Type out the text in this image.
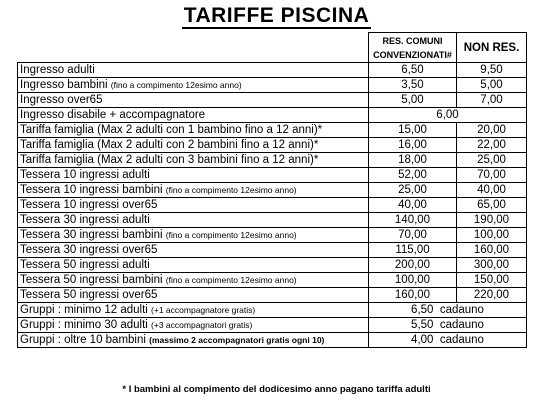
TARIFFE PISCINA

	RES. COMUNI
CONVENZIONATI#	NON RES.
Ingresso adulti	6,50	9,50
Ingresso bambini (fino a compimento 12esimo anno)	3,50	5,00
Ingresso over65	5,00	7,00
Ingresso disabile + accompagnatore	6,00	
Tariffa famiglia (Max 2 adulti con 1 bambino fino a 12 anni)*	15,00	20,00
Tariffa famiglia (Max 2 adulti con 2 bambini fino a 12 anni)*	16,00	22,00
Tariffa famiglia (Max 2 adulti con 3 bambini fino a 12 anni)*	18,00	25,00
Tessera 10 ingressi adulti	52,00	70,00
Tessera 10 ingressi bambini (fino a compimento 12esimo anno)	25,00	40,00
Tessera 10 ingressi over65	40,00	65,00
Tessera 30 ingressi adulti	140,00	190,00
Tessera 30 ingressi bambini (fino a compimento 12esimo anno)	70,00	100,00
Tessera 30 ingressi over65	115,00	160,00
Tessera 50 ingressi adulti	200,00	300,00
Tessera 50 ingressi bambini (fino a compimento 12esimo anno)	100,00	150,00
Tessera 50 ingressi over65	160,00	220,00
Gruppi : minimo 12 adulti (+1 accompagnatore gratis)	6,50  cadauno	
Gruppi : minimo 30 adulti (+3 accompagnatori gratis)	5,50  cadauno	
Gruppi : oltre 10 bambini (massimo 2 accompagnatori gratis ogni 10)	4,00  cadauno	
* I bambini al compimento del dodicesimo anno pagano tariffa adulti
